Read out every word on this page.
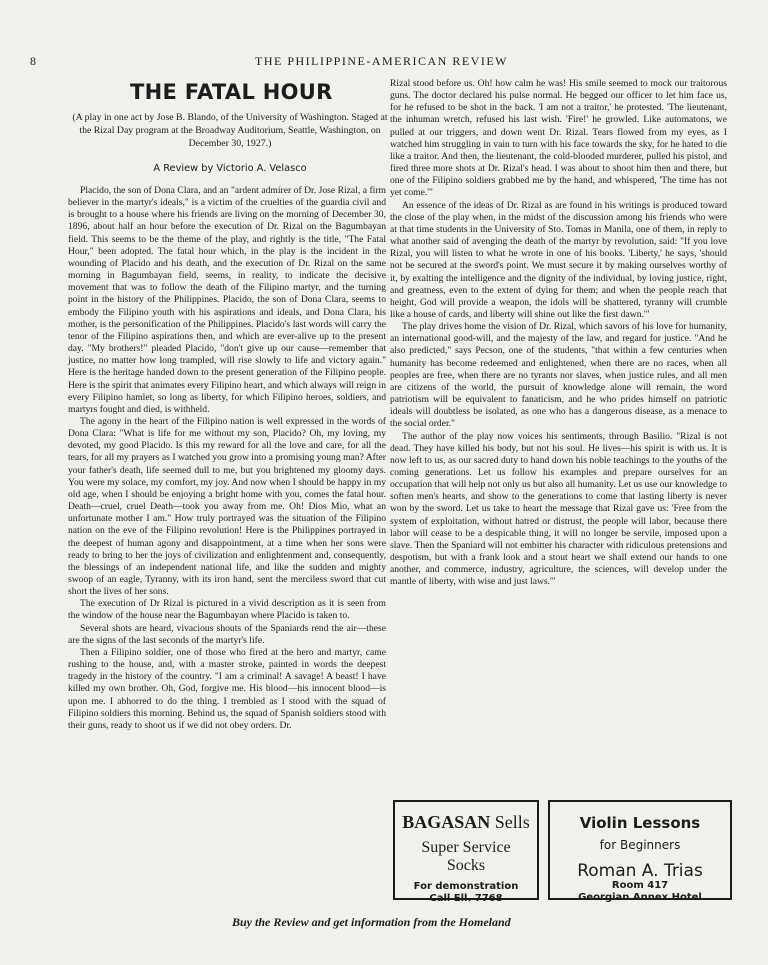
8	THE PHILIPPINE-AMERICAN REVIEW
THE FATAL HOUR
(A play in one act by Jose B. Blando, of the University of Washington. Staged at the Rizal Day program at the Broadway Auditorium, Seattle, Washington, on December 30, 1927.)
A Review by Victorio A. Velasco

Placido, the son of Dona Clara, and an "ardent admirer of Dr. Jose Rizal, a firm believer in the martyr's ideals," is a victim of the cruelties of the guardia civil and is brought to a house where his friends are living on the morning of December 30, 1896, about half an hour before the execution of Dr. Rizal on the Bagumbayan field. This seems to be the theme of the play, and rightly is the title, "The Fatal Hour," been adopted. The fatal hour which, in the play is the incident in the wounding of Placido and his death, and the execution of Dr. Rizal on the same morning in Bagumbayan field, seems, in reality, to indicate the decisive movement that was to follow the death of the Filipino martyr, and the turning point in the history of the Philippines. Placido, the son of Dona Clara, seems to embody the Filipino youth with his aspirations and ideals, and Dona Clara, his mother, is the personification of the Philippines. Placido's last words will carry the tenor of the Filipino aspirations then, and which are ever-alive up to the present day. "My brothers!" pleaded Placido, "don't give up our cause—remember that justice, no matter how long trampled, will rise slowly to life and victory again." Here is the heritage handed down to the present generation of the Filipino people. Here is the spirit that animates every Filipino heart, and which always will reign in every Filipino hamlet, so long as liberty, for which Filipino heroes, soldiers, and martyrs fought and died, is withheld.

The agony in the heart of the Filipino nation is well expressed in the words of Dona Clara: "What is life for me without my son, Placido? Oh, my loving, my devoted, my good Placido. Is this my reward for all the love and care, for all the tears, for all my prayers as I watched you grow into a promising young man? After your father's death, life seemed dull to me, but you brightened my gloomy days. You were my solace, my comfort, my joy. And now when I should be happy in my old age, when I should be enjoying a bright home with you, comes the fatal hour. Death—cruel, cruel Death—took you away from me. Oh! Dios Mio, what an unfortunate mother I am." How truly portrayed was the situation of the Filipino nation on the eve of the Filipino revolution! Here is the Philippines portrayed in the deepest of human agony and disappointment, at a time when her sons were ready to bring to her the joys of civilization and enlightenment and, consequently, the blessings of an independent national life, and like the sudden and mighty swoop of an eagle, Tyranny, with its iron hand, sent the merciless sword that cut short the lives of her sons.

The execution of Dr Rizal is pictured in a vivid description as it is seen from the window of the house near the Bagumbayan where Placido is taken to.

Several shots are heard, vivacious shouts of the Spaniards rend the air—these are the signs of the last seconds of the martyr's life.

Then a Filipino soldier, one of those who fired at the hero and martyr, came rushing to the house, and, with a master stroke, painted in words the deepest tragedy in the history of the country. "I am a criminal! A savage! A beast! I have killed my own brother. Oh, God, forgive me. His blood—his innocent blood—is upon me. I abhorred to do the thing. I trembled as I stood with the squad of Filipino soldiers this morning. Behind us, the squad of Spanish soldiers stood with their guns, ready to shoot us if we did not obey orders. Dr.

Rizal stood before us. Oh! how calm he was! His smile seemed to mock our traitorous guns. The doctor declared his pulse normal. He begged our officer to let him face us, for he refused to be shot in the back. 'I am not a traitor,' he protested. 'The lieutenant, the inhuman wretch, refused his last wish. 'Fire!' he growled. Like automatons, we pulled at our triggers, and down went Dr. Rizal. Tears flowed from my eyes, as I watched him struggling in vain to turn with his face towards the sky, for he hated to die like a traitor. And then, the lieutenant, the cold-blooded murderer, pulled his pistol, and fired three more shots at Dr. Rizal's head. I was about to shoot him then and there, but one of the Filipino soldiers grabbed me by the hand, and whispered, 'The time has not yet come.'"

An essence of the ideas of Dr. Rizal as are found in his writings is produced toward the close of the play when, in the midst of the discussion among his friends who were at that time students in the University of Sto. Tomas in Manila, one of them, in reply to what another said of avenging the death of the martyr by revolution, said: "If you love Rizal, you will listen to what he wrote in one of his books. 'Liberty,' he says, 'should not be secured at the sword's point. We must secure it by making ourselves worthy of it, by exalting the intelligence and the dignity of the individual, by loving justice, right, and greatness, even to the extent of dying for them; and when the people reach that height, God will provide a weapon, the idols will be shattered, tyranny will crumble like a house of cards, and liberty will shine out like the first dawn.'"

The play drives home the vision of Dr. Rizal, which savors of his love for humanity, an international good-will, and the majesty of the law, and regard for justice. "And he also predicted," says Pecson, one of the students, "that within a few centuries when humanity has become redeemed and enlightened, when there are no races, when all peoples are free, when there are no tyrants nor slaves, when justice rules, and all men are citizens of the world, the pursuit of knowledge alone will remain, the word patriotism will be equivalent to fanaticism, and he who prides himself on patriotic ideals will doubtless be isolated, as one who has a dangerous disease, as a menace to the social order."

The author of the play now voices his sentiments, through Basilio. "Rizal is not dead. They have killed his body, but not his soul. He lives—his spirit is with us. It is now left to us, as our sacred duty to hand down his noble teachings to the youths of the coming generations. Let us follow his examples and prepare ourselves for an occupation that will help not only us but also all humanity. Let us use our knowledge to soften men's hearts, and show to the generations to come that lasting liberty is never won by the sword. Let us take to heart the message that Rizal gave us: 'Free from the system of exploitation, without hatred or distrust, the people will labor, because there labor will cease to be a despicable thing, it will no longer be servile, imposed upon a slave. Then the Spaniard will not embitter his character with ridiculous pretensions and despotism, but with a frank look and a stout heart we shall extend our hands to one another, and commerce, industry, agriculture, the sciences, will develop under the mantle of liberty, with wise and just laws.'"

BAGASAN Sells
Super Service
Socks
For demonstration
Call Ell. 7768
Violin Lessons
for Beginners
Roman A. Trias
Room 417
Georgian Annex Hotel
Buy the Review and get information from the Homeland
